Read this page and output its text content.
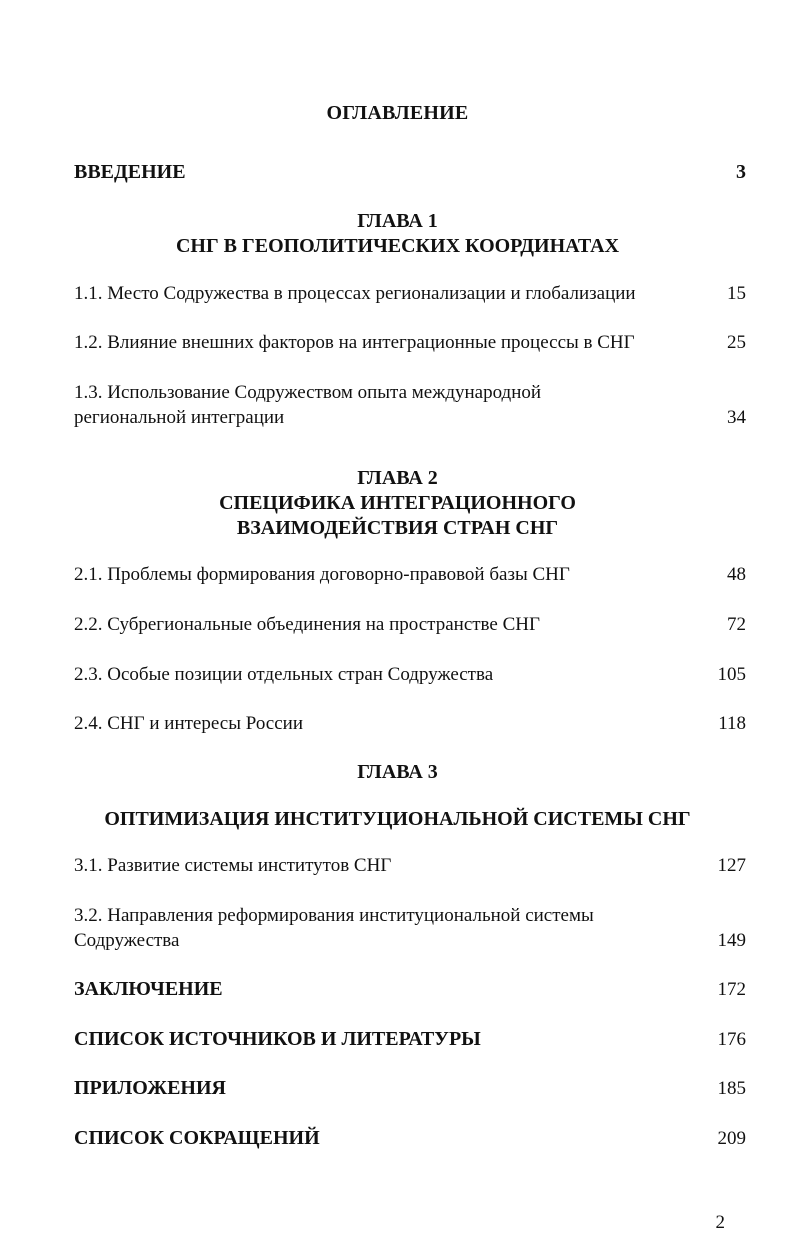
ОГЛАВЛЕНИЕ
ВВЕДЕНИЕ	3
ГЛАВА 1
СНГ В ГЕОПОЛИТИЧЕСКИХ КООРДИНАТАХ
1.1. Место Содружества в процессах регионализации и глобализации	15
1.2. Влияние внешних факторов на интеграционные процессы в СНГ	25
1.3. Использование Содружеством опыта международной
региональной интеграции	34
ГЛАВА 2
СПЕЦИФИКА ИНТЕГРАЦИОННОГО
ВЗАИМОДЕЙСТВИЯ СТРАН СНГ
2.1. Проблемы формирования договорно-правовой базы СНГ	48
2.2. Субрегиональные объединения на пространстве СНГ	72
2.3. Особые позиции отдельных стран Содружества	105
2.4. СНГ и интересы России	118
ГЛАВА 3
ОПТИМИЗАЦИЯ ИНСТИТУЦИОНАЛЬНОЙ СИСТЕМЫ СНГ
3.1. Развитие системы институтов СНГ	127
3.2. Направления реформирования институциональной системы
Содружества	149
ЗАКЛЮЧЕНИЕ	172
СПИСОК ИСТОЧНИКОВ И ЛИТЕРАТУРЫ	176
ПРИЛОЖЕНИЯ	185
СПИСОК СОКРАЩЕНИЙ	209
2
